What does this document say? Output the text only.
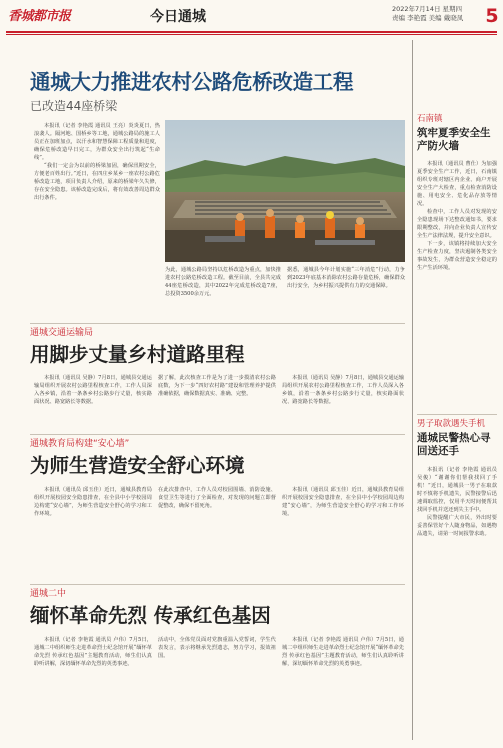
香城都市报	今日通城	2022年7月14日 星期四
责编 李艳霞 美编 戴晓凤	5
通城大力推进农村公路危桥改造工程
已改造44座桥梁

本报讯（记者 李艳霞 通讯员 王亮）炎炎夏日，热浪袭人。隔河地、国桥乡等工地，通城公路局的施工人员正在加班加点，以汗水和智慧保障工程质量和进度，确保危桥改造早日完工，为群众安全出行筑起“生命线”。

“我们一定会为以前的桥梁加固，确保汛期安全，方便老百姓出行。”近日，在四庄乡某乡一座农村公路危桥改造工地，项目负责人介绍，原来的桥梁年久失修，存在安全隐患。该桥改造完成后，将有效改善周边群众出行条件。

为此，通城公路局坚持以危桥改造为重点，加快推进农村公路危桥改造工程。截至目前，全县共完成44座危桥改造，其中2022年完成危桥改造7座，总投资3500余万元。

据悉，通城县今年计划实施“三年消危”行动，力争到2023年底基本消除农村公路存量危桥，确保群众出行安全，为乡村振兴提供有力的交通保障。

通城交通运输局
用脚步丈量乡村道路里程

本报讯（通讯员 吴静）7月8日，通城县交通运输局组织开展农村公路里程核查工作，工作人员深入各乡镇，沿着一条条乡村公路步行丈量，核实路面状况、路宽路长等数据。

据了解，此次核查工作是为了进一步摸清农村公路底数，为下一步“四好农村路”建设和管理养护提供准确依据，确保数据真实、准确、完整。

本报讯（通讯员 吴静）7月8日，通城县交通运输局组织开展农村公路里程核查工作，工作人员深入各乡镇，沿着一条条乡村公路步行丈量，核实路面状况、路宽路长等数据。

通城教育局构建“安心墙”
为师生营造安全舒心环境

本报讯（通讯员 邱玉佳）近日，通城县教育局组织开展校园安全隐患排查，在全县中小学校园周边构建“安心墙”，为师生营造安全舒心的学习和工作环境。

在此次排查中，工作人员对校园围墙、消防设施、食堂卫生等进行了全面检查，对发现的问题立即督促整改，确保不留死角。

本报讯（通讯员 邱玉佳）近日，通城县教育局组织开展校园安全隐患排查，在全县中小学校园周边构建“安心墙”，为师生营造安全舒心的学习和工作环境。

通城二中
缅怀革命先烈 传承红色基因

本报讯（记者 李艳霞 通讯员 卢伟）7月5日，通城二中组织师生走进革命烈士纪念馆开展“缅怀革命先烈 传承红色基因”主题教育活动，师生们认真聆听讲解，深切缅怀革命先烈的英勇事迹。

活动中，全体党员面对党旗重温入党誓词，学生代表发言，表示将继承先烈遗志，努力学习，报效祖国。

本报讯（记者 李艳霞 通讯员 卢伟）7月5日，通城二中组织师生走进革命烈士纪念馆开展“缅怀革命先烈 传承红色基因”主题教育活动，师生们认真聆听讲解，深切缅怀革命先烈的英勇事迹。

石南镇
筑牢夏季安全生产防火墙

本报讯（通讯员 曹仕）为加强夏季安全生产工作，近日，石南镇组织专班对辖区内企业、商户开展安全生产大检查，重点检查消防设施、用电安全、危化品存放等情况。

检查中，工作人员对发现的安全隐患现场下达整改通知书，要求限期整改，并向企业负责人宣传安全生产法律法规，提升安全意识。

下一步，该镇将持续加大安全生产检查力度，坚决遏制各类安全事故发生，为群众营造安全稳定的生产生活环境。

男子取款遇失手机
通城民警热心寻回送还手

本报讯（记者 李艳霞 通讯员 吴俊）“谢谢你们帮我找回了手机！”近日，通城县一男子在取款时不慎将手机遗失，民警接警后迅速调取监控，仅用半天时间便帮其找回手机并送还到失主手中。

民警提醒广大市民，外出时要妥善保管好个人随身物品，如遇物品遗失，请第一时间报警求助。
